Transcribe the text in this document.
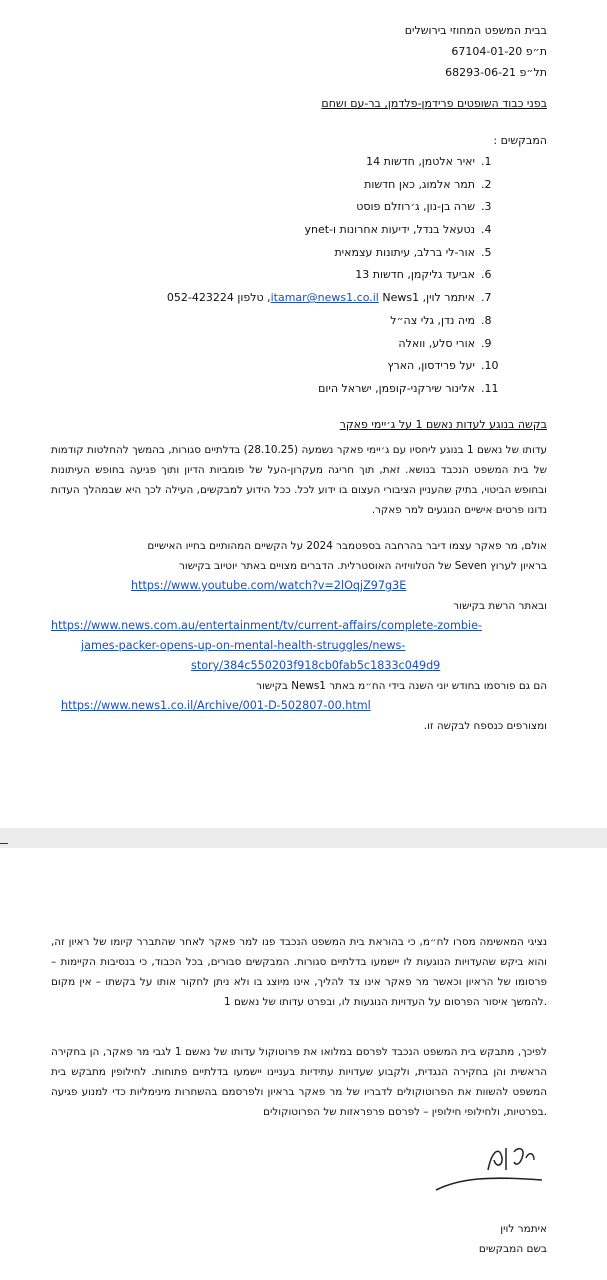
בבית המשפט המחוזי בירושלים
ת״פ 67104-01-20
תל״פ 68293-06-21
בפני כבוד השופטים פרידמן-פלדמן, בר-עם ושחם
המבקשים :
1.
יאיר אלטמן, חדשות 14
2.
תמר אלמוג, כאן חדשות
3.
שרה בן-נון, ג׳רוזלם פוסט
4.
נטעאל בנדל, ידיעות אחרונות ו-ynet
5.
אור-לי ברלב, עיתונות עצמאית
6.
אביעד גליקמן, חדשות 13
7.
איתמר לוין, News1

itamar@news1.co.il
, טלפון 052-423224
8.
מיה נדן, גלי צה״ל
9.
אורי סלע, וואלה
10.
יעל פרידסון, הארץ
11.
אלינור שירקני-קופמן, ישראל היום
בקשה בנוגע לעדות נאשם 1 על ג׳יימי פאקר
עדותו של נאשם 1 בנוגע ליחסיו עם ג׳יימי פאקר נשמעה (28.10.25) בדלתיים סגורות, בהמשך להחלטות קודמות של בית המשפט הנכבד בנושא. זאת, תוך חריגה מעקרון-העל של פומביות הדיון ותוך פגיעה בחופש העיתונות ובחופש הביטוי, בתיק שהעניין הציבורי העצום בו ידוע לכל. ככל הידוע למבקשים, העילה לכך היא שבמהלך העדות נדונו פרטים אישיים הנוגעים למר פאקר.
אולם, מר פאקר עצמו דיבר בהרחבה בספטמבר 2024 על הקשיים המהותיים בחייו האישיים
בראיון לערוץ Seven של הטלוויזיה האוסטרלית. הדברים מצויים באתר יוטיוב בקישור
https://www.youtube.com/watch?v=2lOqjZ97g3E
ובאתר הרשת בקישור
https://www.news.com.au/entertainment/tv/current-affairs/complete-zombie-
james-packer-opens-up-on-mental-health-struggles/news-
story/384c550203f918cb0fab5c1833c049d9
הם גם פורסמו בחודש יוני השנה בידי הח״מ באתר News1 בקישור
https://www.news1.co.il/Archive/001-D-502807-00.html
ומצורפים כנספח לבקשה זו.
נציגי המאשימה מסרו לח״מ, כי בהוראת בית המשפט הנכבד פנו למר פאקר לאחר שהתברר קיומו של ראיון זה, והוא ביקש שהעדויות הנוגעות לו יישמעו בדלתיים סגורות. המבקשים סבורים, בכל הכבוד, כי בנסיבות הקיימות – פרסומו של הראיון וכאשר מר פאקר אינו צד להליך, אינו מיוצג בו ולא ניתן לחקור אותו על בקשתו – אין מקום להמשך איסור הפרסום על העדויות הנוגעות לו, ובפרט עדותו של נאשם 1.
לפיכך, מתבקש בית המשפט הנכבד לפרסם במלואו את פרוטוקול עדותו של נאשם 1 לגבי מר פאקר, הן בחקירה הראשית והן בחקירה הנגדית, ולקבוע שעדויות עתידיות בעניינו יישמעו בדלתיים פתוחות. לחילופין מתבקש בית המשפט להשוות את הפרוטוקולים לדבריו של מר פאקר בראיון ולפרסמם בהשחרות מינימליות כדי למנוע פגיעה בפרטיות, ולחילופי חילופין – לפרסם פרפראזות של הפרוטוקולים.
איתמר לוין
בשם המבקשים
